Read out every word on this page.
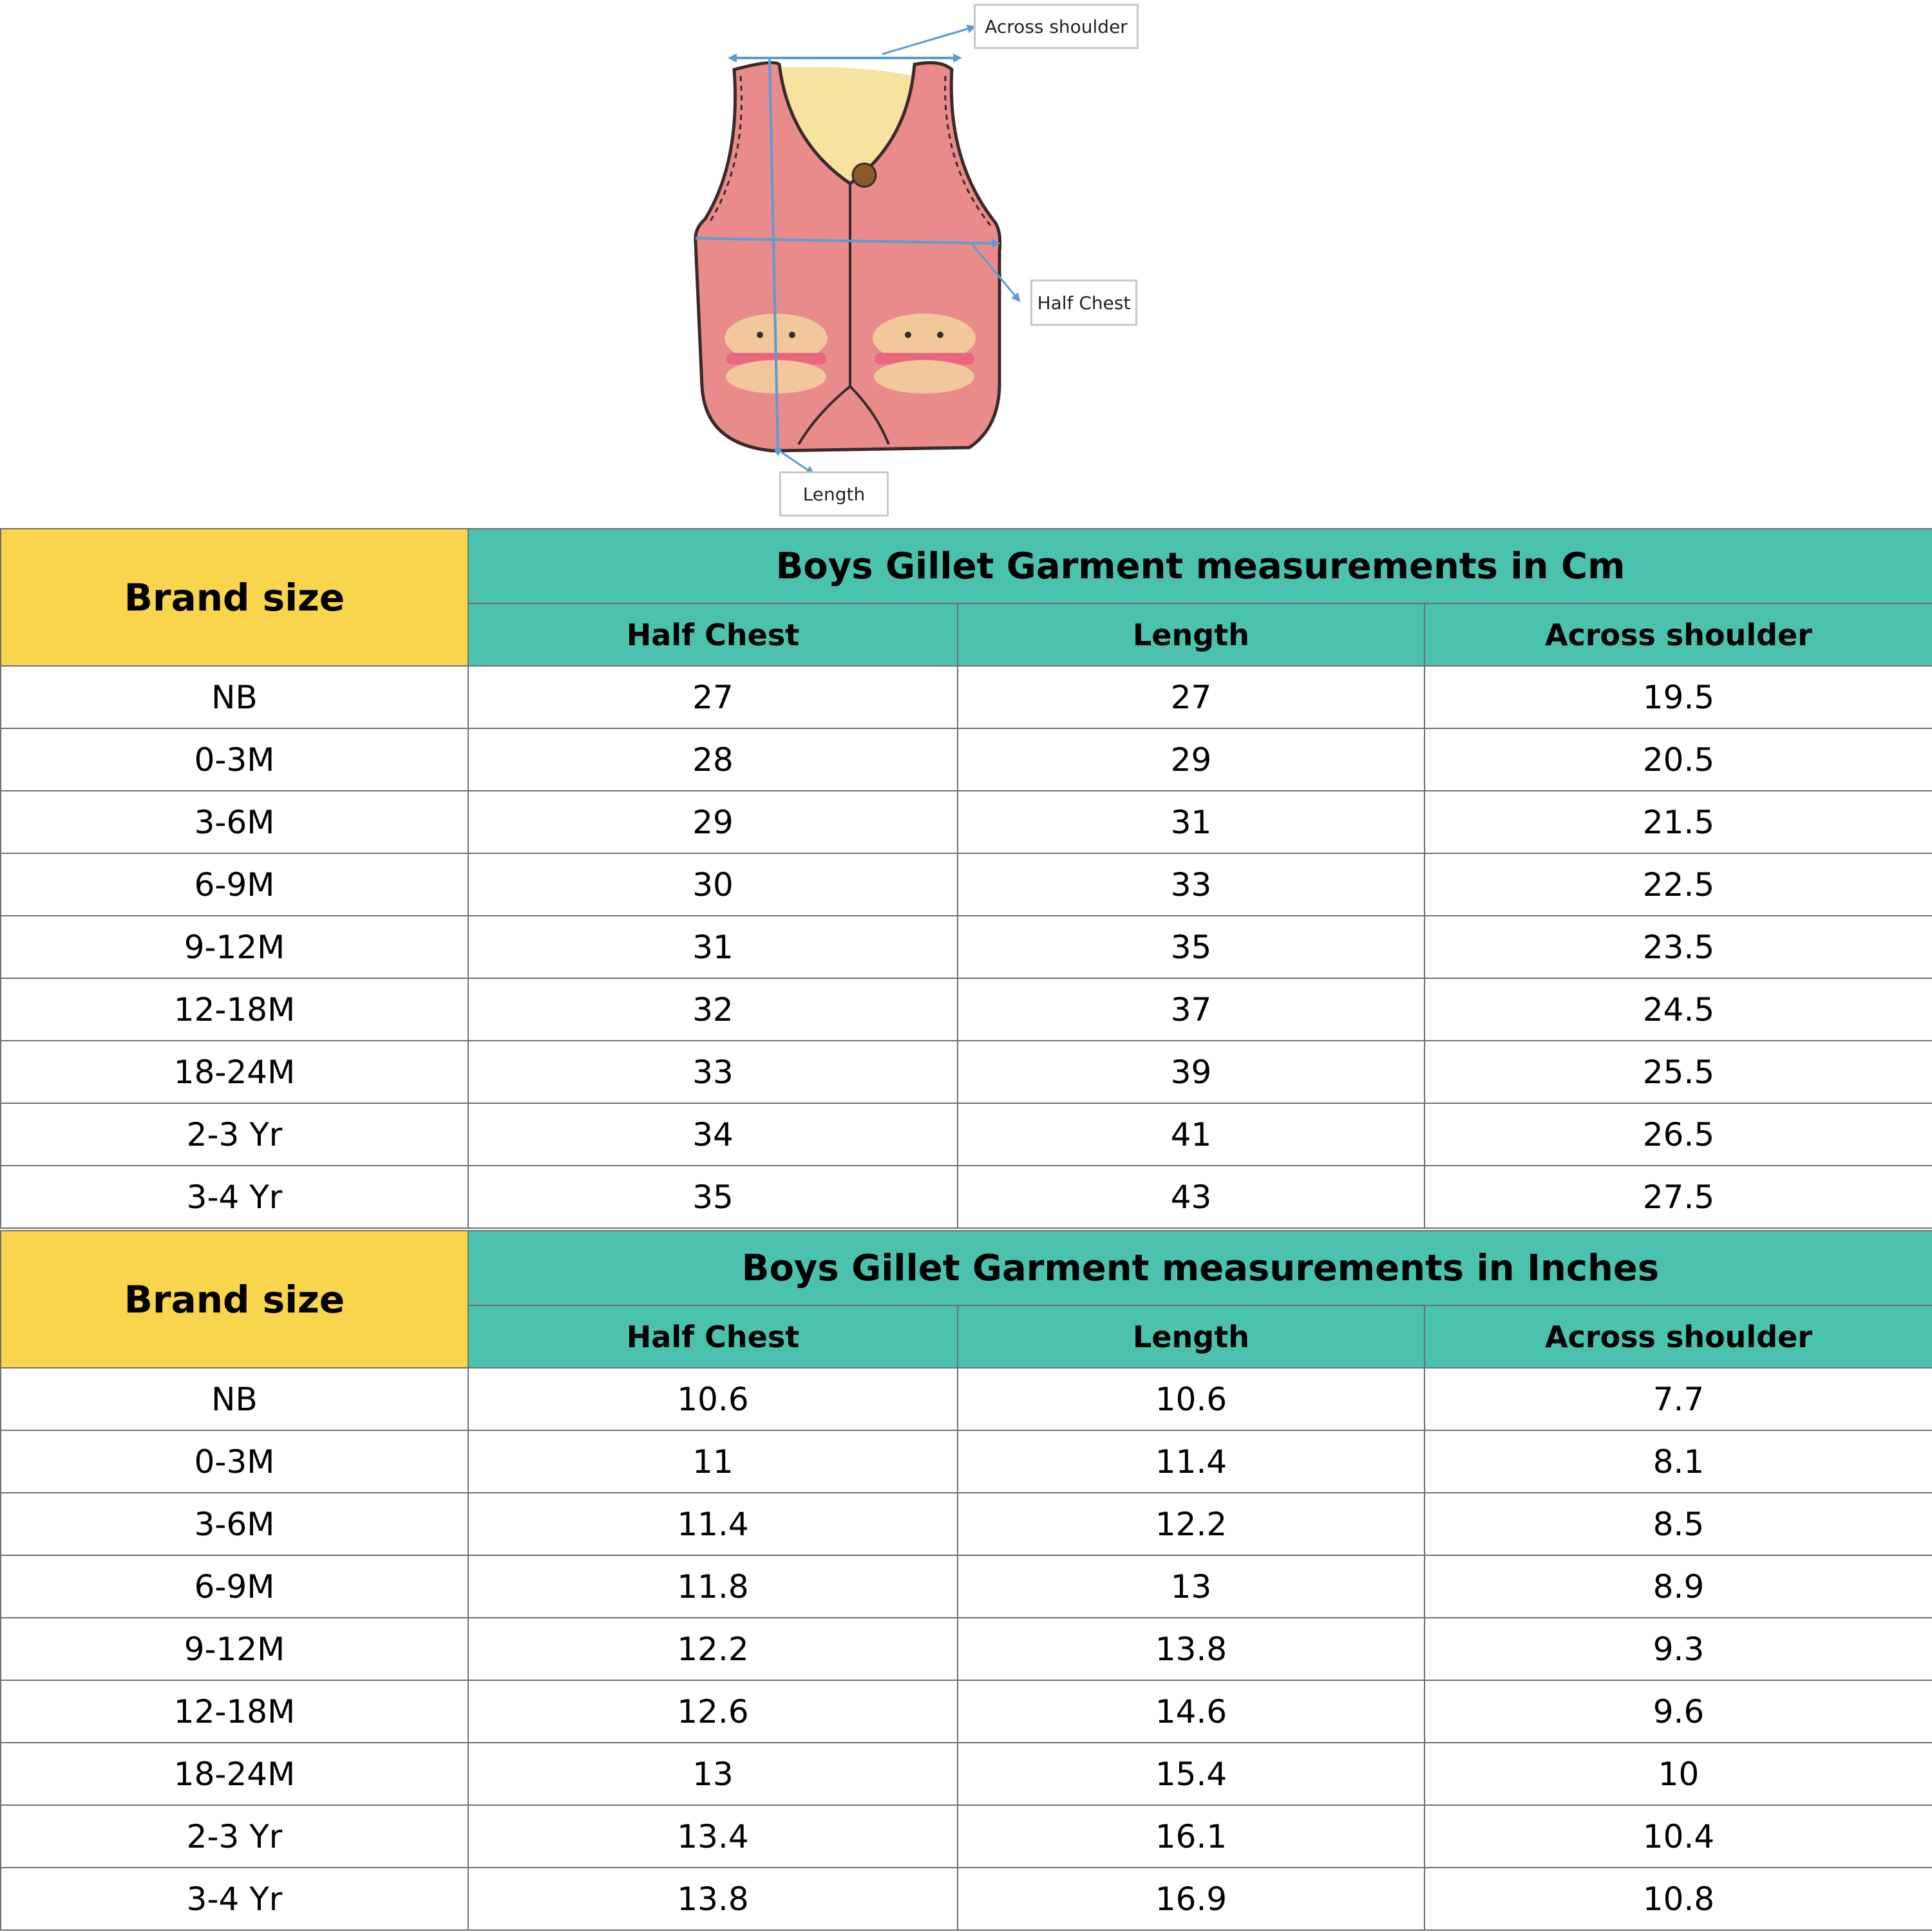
Across shoulder
Half Chest
Length
Brand size	Boys Gillet Garment measurements in Cm		
	Half Chest	Length	Across shoulder
NB	27	27	19.5
0-3M	28	29	20.5
3-6M	29	31	21.5
6-9M	30	33	22.5
9-12M	31	35	23.5
12-18M	32	37	24.5
18-24M	33	39	25.5
2-3 Yr	34	41	26.5
3-4 Yr	35	43	27.5
Brand size	Boys Gillet Garment measurements in Inches		
	Half Chest	Length	Across shoulder
NB	10.6	10.6	7.7
0-3M	11	11.4	8.1
3-6M	11.4	12.2	8.5
6-9M	11.8	13	8.9
9-12M	12.2	13.8	9.3
12-18M	12.6	14.6	9.6
18-24M	13	15.4	10
2-3 Yr	13.4	16.1	10.4
3-4 Yr	13.8	16.9	10.8
